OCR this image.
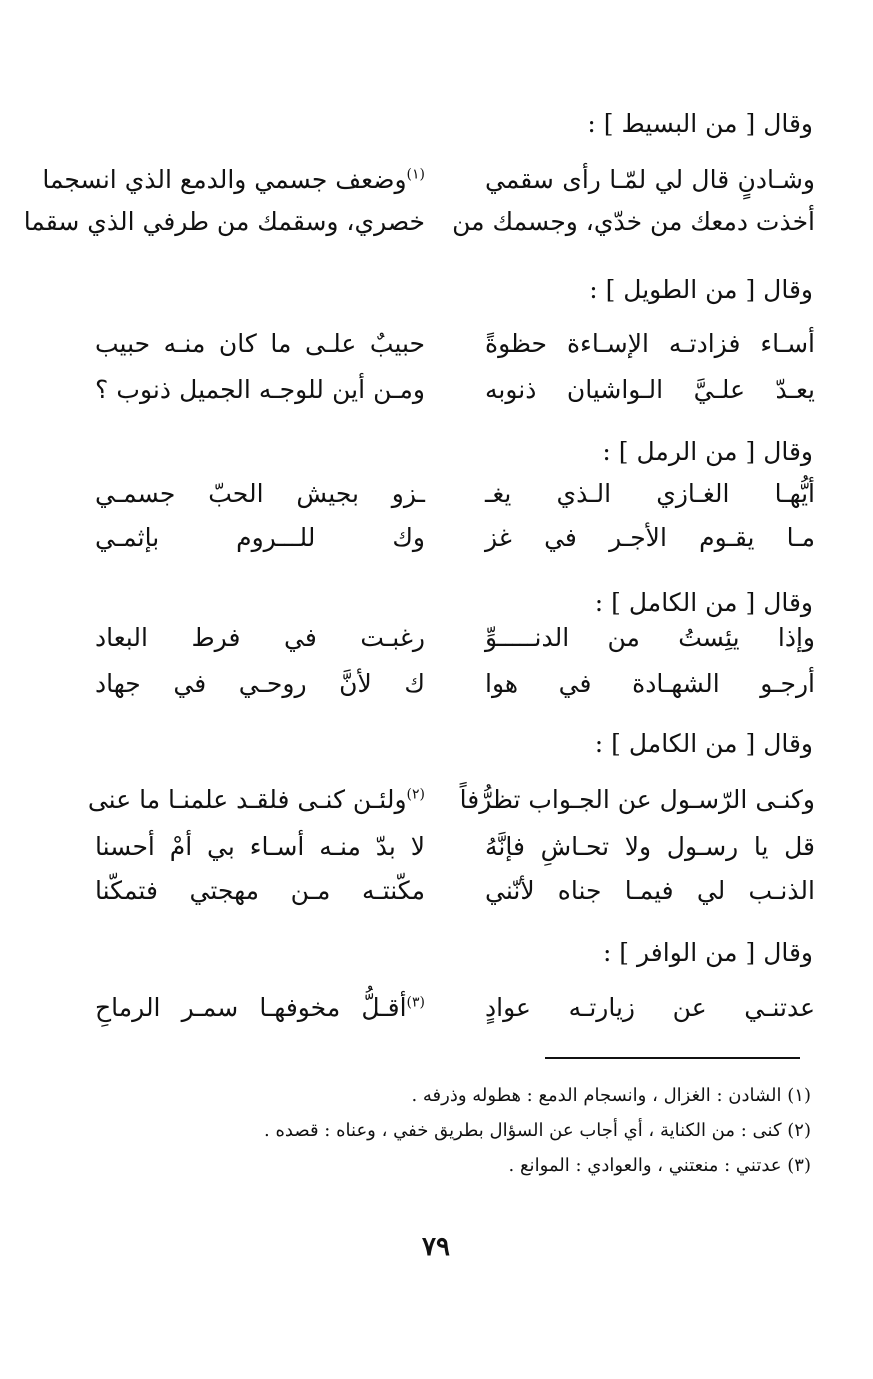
وقال [ من البسيط ] :
وشـادنٍ قال لي لمّـا رأى سقمي
$^{(١)}$وضعف جسمي والدمع الذي انسجما
أخذت دمعك من خدّي، وجسمك من
خصري، وسقمك من طرفي الذي سقما
وقال [ من الطويل ] :
أسـاء فزادتـه الإسـاءة حظوةً
حبيبٌ علـى ما كان منـه حبيب
يعـدّ علـيَّ الـواشيان ذنوبه
ومـن أين للوجـه الجميل ذنوب ؟
وقال [ من الرمل ] :
أيُّهـا الغـازي الـذي يغـ
ـزو بجيش الحبّ جسمـي
مـا يقـوم الأجـر في غز
وك للـــروم بإثمـي
وقال [ من الكامل ] :
وإذا يئِستُ من الدنـــــوِّ
رغبـت في فرط البعاد
أرجـو الشهـادة في هوا
ك لأنَّ روحـي في جهاد
وقال [ من الكامل ] :
وكنـى الرّسـول عن الجـواب تظرُّفاً
$^{(٢)}$ولئـن كنـى فلقـد علمنـا ما عنى
قل يا رسـول ولا تحـاشِ فإنَّهُ
لا بدّ منـه أسـاء بي أمْ أحسنا
الذنـب لي فيمـا جناه لأنّني
مكّنتـه مـن مهجتي فتمكّنا
وقال [ من الوافر ] :
عدتنـي عن زيارتـه عوادٍ
$^{(٣)}$أقـلُّ مخوفهـا سمـر الرماحِ
(١) الشادن : الغزال ، وانسجام الدمع : هطوله وذرفه .
(٢) كنى : من الكناية ، أي أجاب عن السؤال بطريق خفي ، وعناه : قصده .
(٣) عدتني : منعتني ، والعوادي : الموانع .
٧٩
